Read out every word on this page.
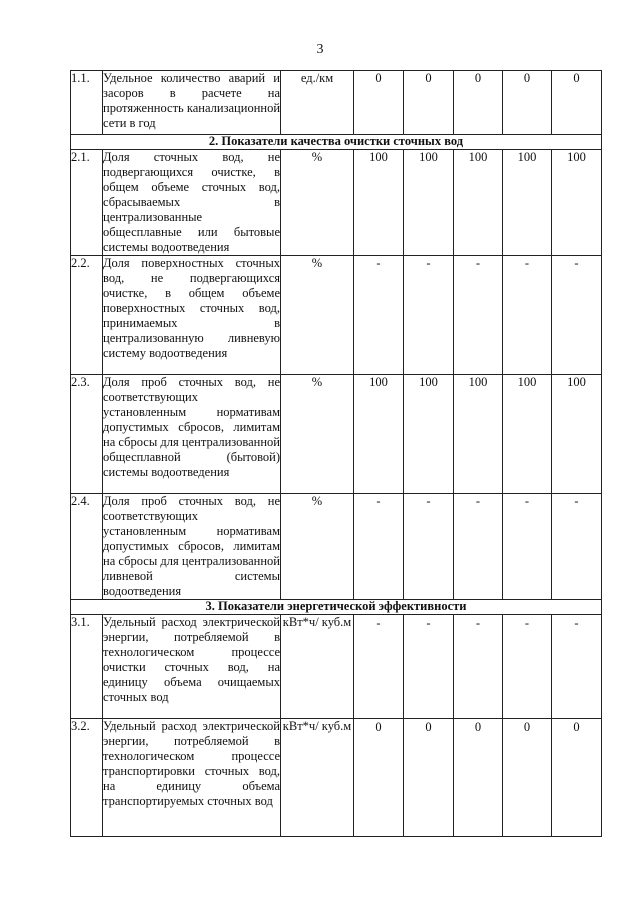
3
1.1.	Удельное количество аварий и засоров в расчете на протяженность канализационной сети в год	ед./км	0	0	0	0	0
2. Показатели качества очистки сточных вод							
2.1.	Доля сточных вод, не подвергающихся очистке, в общем объеме сточных вод, сбрасываемых в централизованные общесплавные или бытовые системы водоотведения	%	100	100	100	100	100
2.2.	Доля поверхностных сточных вод, не подвергающихся очистке, в общем объеме поверхностных сточных вод, принимаемых в централизованную ливневую систему водоотведения	%	-	-	-	-	-
2.3.	Доля проб сточных вод, не соответствующих установленным нормативам допустимых сбросов, лимитам на сбросы для централизованной общесплавной (бытовой) системы водоотведения	%	100	100	100	100	100
2.4.	Доля проб сточных вод, не соответствующих установленным нормативам допустимых сбросов, лимитам на сбросы для централизованной ливневой системы водоотведения	%	-	-	-	-	-
3. Показатели энергетической эффективности							
3.1.	Удельный расход электрической энергии, потребляемой в технологическом процессе очистки сточных вод, на единицу объема очищаемых сточных вод	кВт*ч/ куб.м	-	-	-	-	-
3.2.	Удельный расход электрической энергии, потребляемой в технологическом процессе транспортировки сточных вод, на единицу объема транспортируемых сточных вод	кВт*ч/ куб.м	0	0	0	0	0
